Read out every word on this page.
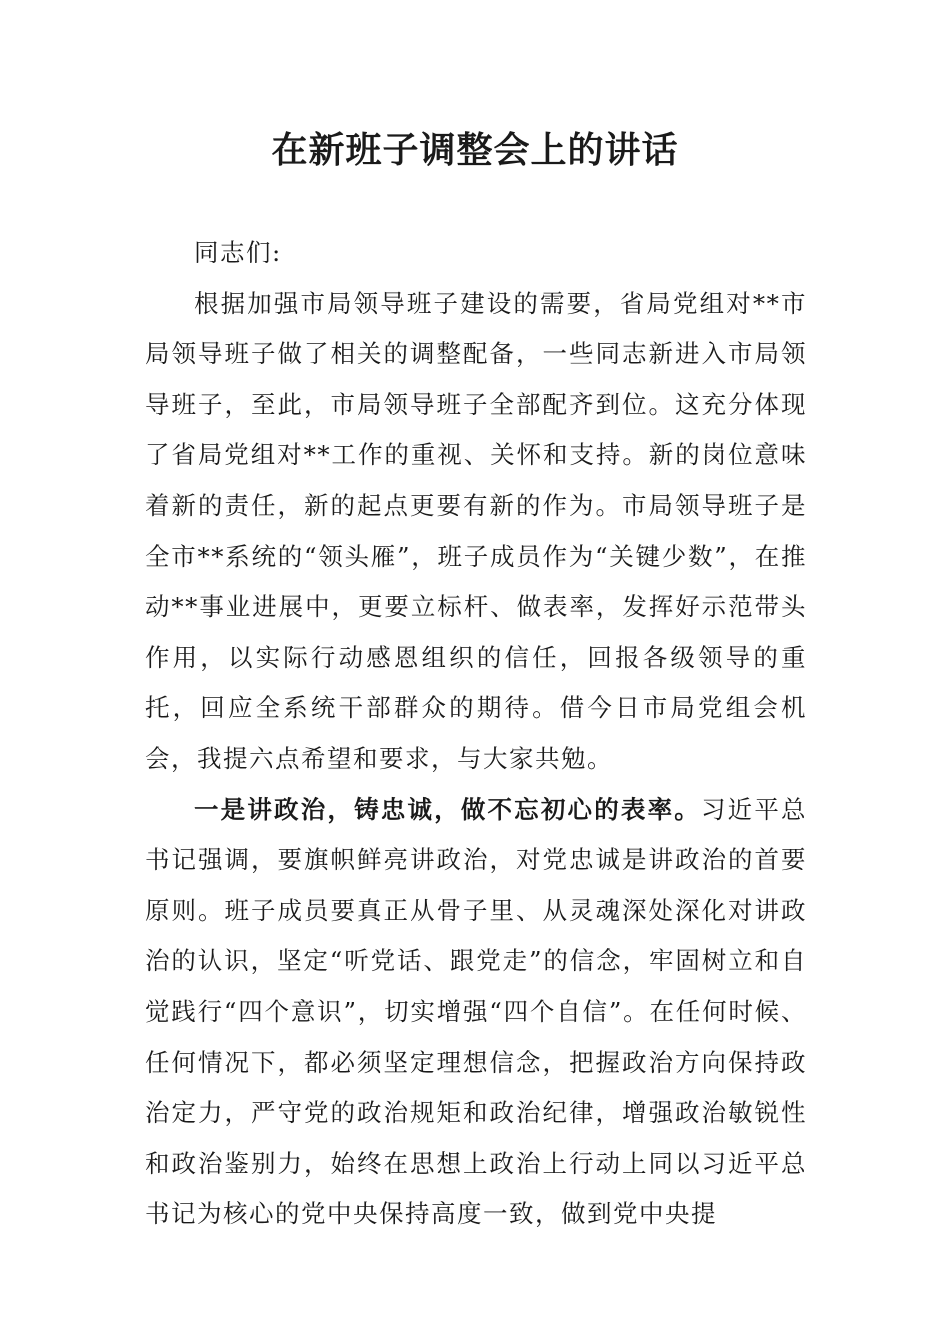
在新班子调整会上的讲话

同志们:

根据加强市局领导班子建设的需要，省局党组对**市局领导班子做了相关的调整配备，一些同志新进入市局领导班子，至此，市局领导班子全部配齐到位。这充分体现了省局党组对**工作的重视、关怀和支持。新的岗位意味着新的责任，新的起点更要有新的作为。市局领导班子是全市**系统的“领头雁”，班子成员作为“关键少数”，在推动**事业进展中，更要立标杆、做表率，发挥好示范带头作用，以实际行动感恩组织的信任，回报各级领导的重托，回应全系统干部群众的期待。借今日市局党组会机会，我提六点希望和要求，与大家共勉。

一是讲政治，铸忠诚，做不忘初心的表率。习近平总书记强调，要旗帜鲜亮讲政治，对党忠诚是讲政治的首要原则。班子成员要真正从骨子里、从灵魂深处深化对讲政治的认识，坚定“听党话、跟党走”的信念，牢固树立和自觉践行“四个意识”，切实增强“四个自信”。在任何时候、任何情况下，都必须坚定理想信念，把握政治方向保持政治定力，严守党的政治规矩和政治纪律，增强政治敏锐性和政治鉴别力，始终在思想上政治上行动上同以习近平总书记为核心的党中央保持高度一致，做到党中央提
